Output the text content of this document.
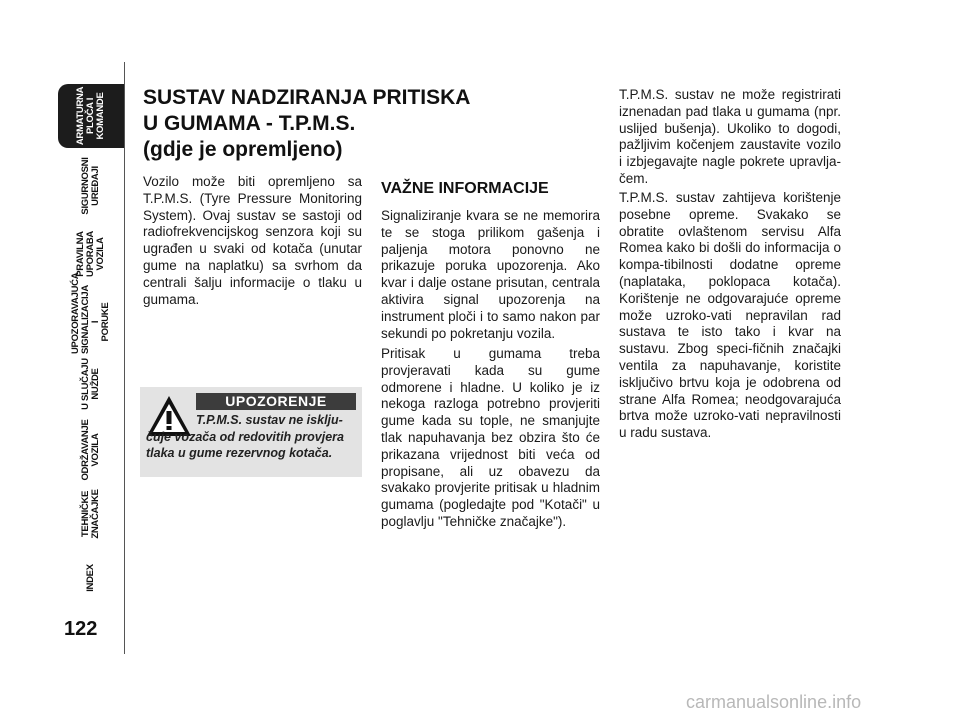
ARMATURNA
PLOČA I
KOMANDE
SIGURNOSNI
UREĐAJI
PRAVILNA
UPORABA
VOZILA
UPOZORAVAJUĆA
SIGNALIZACIJA I
PORUKE
U SLUČAJU
NUŽDE
ODRŽAVANJE
VOZILA
TEHNIČKE
ZNAČAJKE
INDEX
122
SUSTAV NADZIRANJA PRITISKA
U GUMAMA - T.P.M.S.
(gdje je opremljeno)
Vozilo može biti opremljeno sa T.P.M.S. (Tyre Pressure Monitoring System). Ovaj sustav se sastoji od radiofrekvencijskog senzora koji su ugrađen u svaki od kotača (unutar gume na naplatku) sa svrhom da centrali šalju informacije o tlaku u gumama.
UPOZORENJE
T.P.M.S. sustav ne isklju-čuje vozača od redovitih provjera tlaka u gume rezervnog kotača.
VAŽNE INFORMACIJE
Signaliziranje kvara se ne memorira te se stoga prilikom gašenja i paljenja motora ponovno ne prikazuje poruka upozorenja. Ako kvar i dalje ostane prisutan, centrala aktivira signal upozorenja na instrument ploči i to samo nakon par sekundi po pokretanju vozila.
Pritisak u gumama treba provjeravati kada su gume odmorene i hladne. U koliko je iz nekoga razloga potrebno provjeriti gume kada su tople, ne smanjujte tlak napuhavanja bez obzira što će prikazana vrijednost biti veća od propisane, ali uz obavezu da svakako provjerite pritisak u hladnim gumama (pogledajte pod "Kotači" u poglavlju "Tehničke značajke").
T.P.M.S. sustav ne može registrirati iznenadan pad tlaka u gumama (npr. uslijed bušenja). Ukoliko to dogodi, pažljivim kočenjem zaustavite vozilo i izbjegavajte nagle pokrete upravlja-čem.
T.P.M.S. sustav zahtijeva korištenje posebne opreme. Svakako se obratite ovlaštenom servisu Alfa Romea kako bi došli do informacija o kompa-tibilnosti dodatne opreme (naplataka, poklopaca kotača). Korištenje ne odgovarajuće opreme može uzroko-vati nepravilan rad sustava te isto tako i kvar na sustavu. Zbog speci-fičnih značajki ventila za napuhavanje, koristite isključivo brtvu koja je odobrena od strane Alfa Romea; neodgovarajuća brtva može uzroko-vati nepravilnosti u radu sustava.
carmanualsonline.info
